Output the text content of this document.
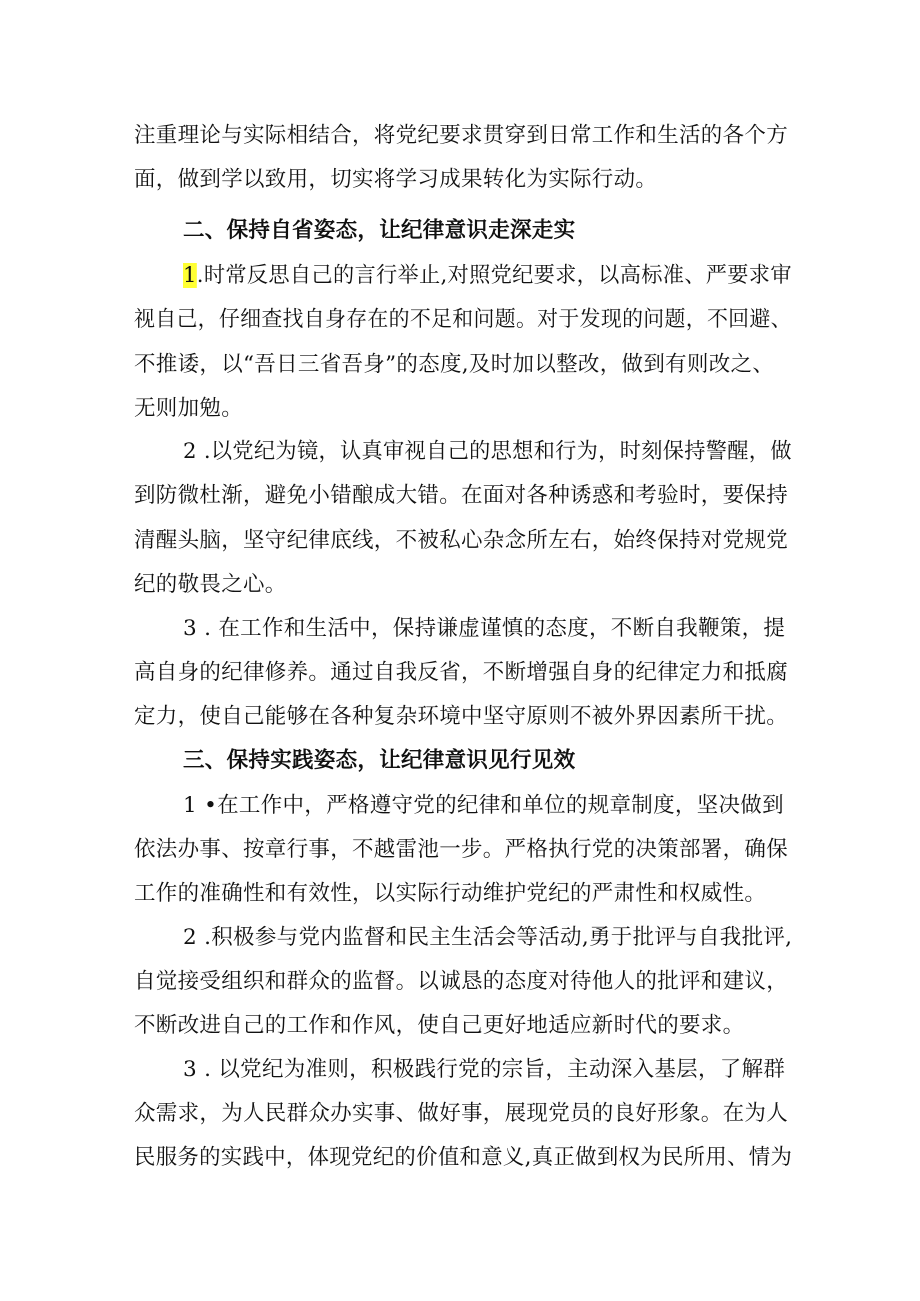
注重理论与实际相结合，将党纪要求贯穿到日常工作和生活的各个方
面，做到学以致用，切实将学习成果转化为实际行动。
二、保持自省姿态，让纪律意识走深走实
1.时常反思自己的言行举止,对照党纪要求，以高标准、严要求审
视自己，仔细查找自身存在的不足和问题。对于发现的问题，不回避、
不推诿，以“吾日三省吾身”的态度,及时加以整改，做到有则改之、
无则加勉。
2 .以党纪为镜，认真审视自己的思想和行为，时刻保持警醒，做
到防微杜渐，避免小错酿成大错。在面对各种诱惑和考验时，要保持
清醒头脑，坚守纪律底线，不被私心杂念所左右，始终保持对党规党
纪的敬畏之心。
3 . 在工作和生活中，保持谦虚谨慎的态度，不断自我鞭策，提
高自身的纪律修养。通过自我反省，不断增强自身的纪律定力和抵腐
定力，使自己能够在各种复杂环境中坚守原则不被外界因素所干扰。
三、保持实践姿态，让纪律意识见行见效
1 •在工作中，严格遵守党的纪律和单位的规章制度，坚决做到
依法办事、按章行事，不越雷池一步。严格执行党的决策部署，确保
工作的准确性和有效性，以实际行动维护党纪的严肃性和权威性。
2 .积极参与党内监督和民主生活会等活动,勇于批评与自我批评,
自觉接受组织和群众的监督。以诚恳的态度对待他人的批评和建议，
不断改进自己的工作和作风，使自己更好地适应新时代的要求。
3 . 以党纪为准则，积极践行党的宗旨，主动深入基层，了解群
众需求，为人民群众办实事、做好事，展现党员的良好形象。在为人
民服务的实践中，体现党纪的价值和意义,真正做到权为民所用、情为
